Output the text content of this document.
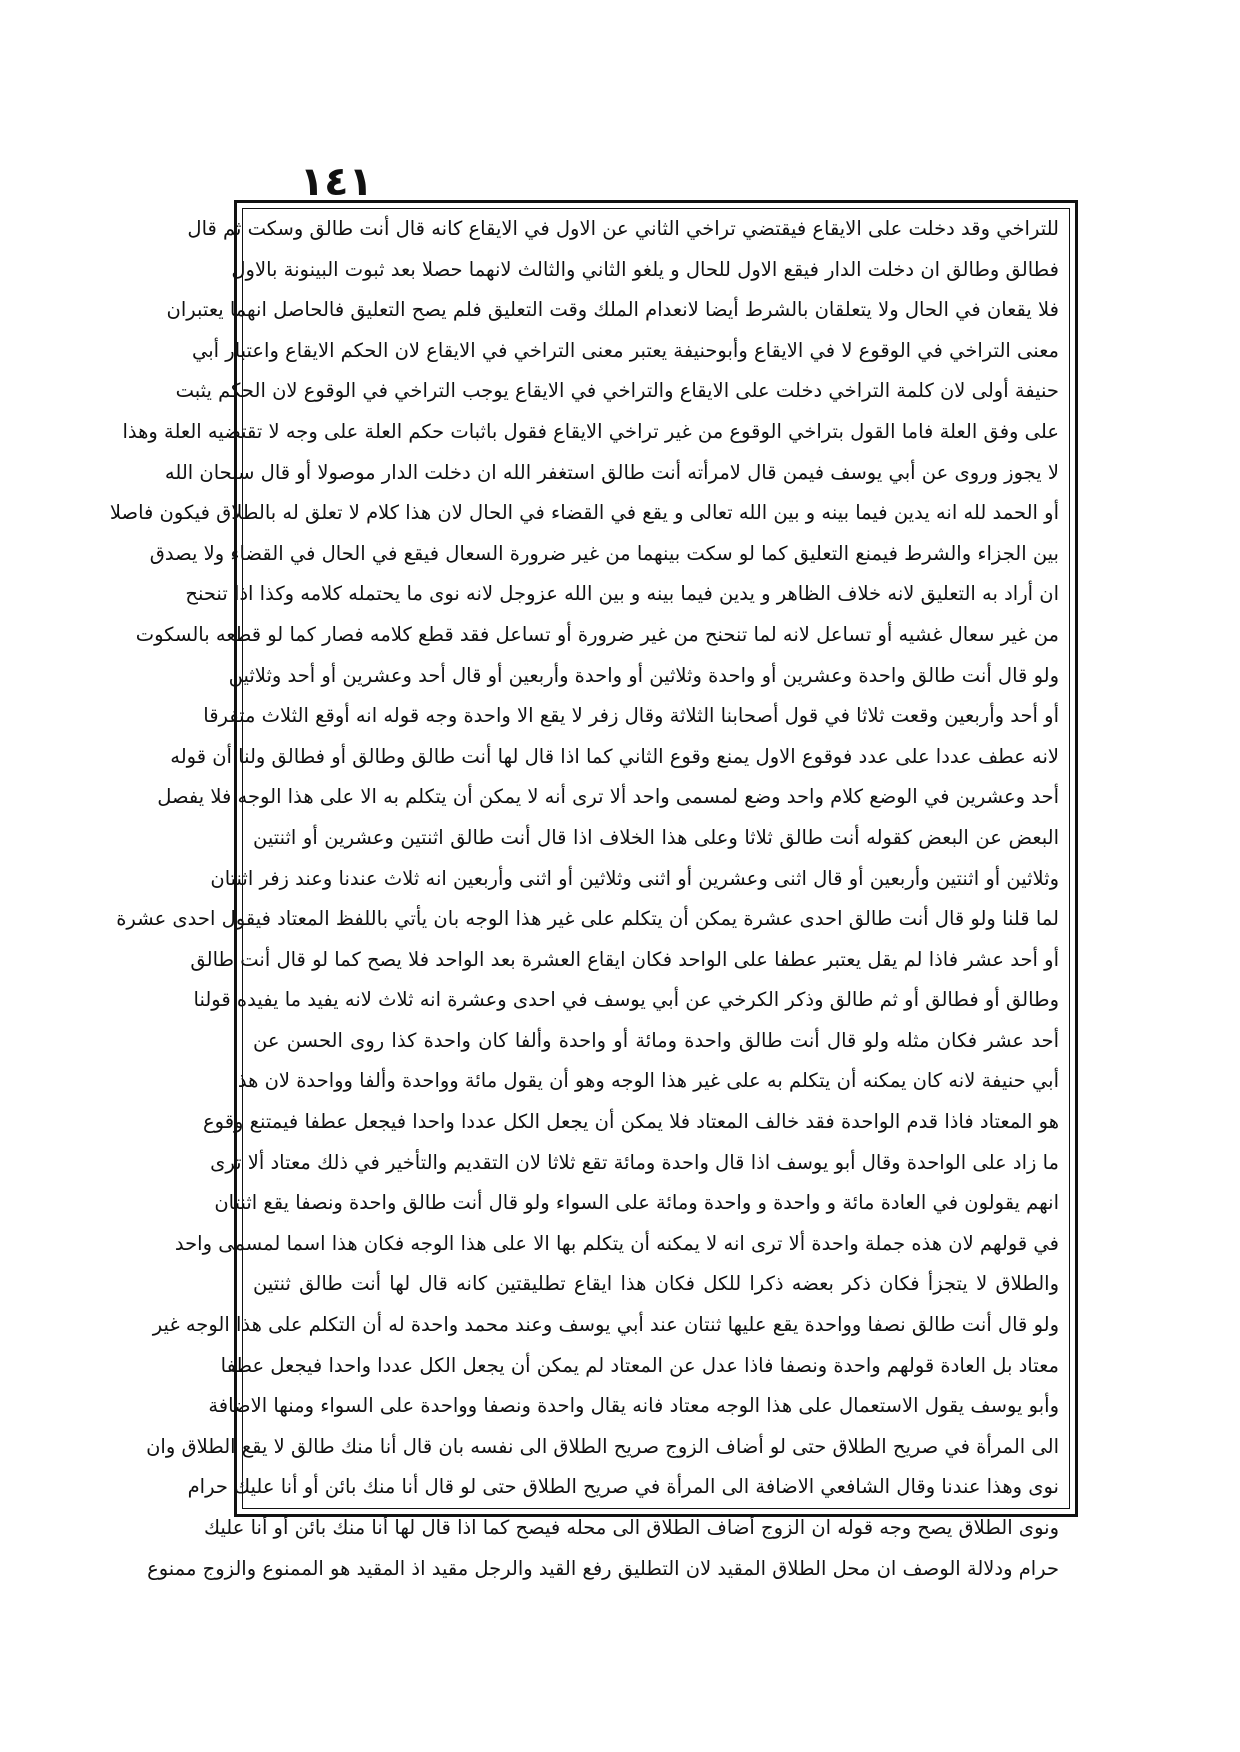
١٤١
للتراخي وقد دخلت على الايقاع فيقتضي تراخي الثاني عن الاول في الايقاع كانه قال أنت طالق وسكت ثم قال
فطالق وطالق ان دخلت الدار فيقع الاول للحال و يلغو الثاني والثالث لانهما حصلا بعد ثبوت البينونة بالاول
فلا يقعان في الحال ولا يتعلقان بالشرط أيضا لانعدام الملك وقت التعليق فلم يصح التعليق فالحاصل انهما يعتبران
معنى التراخي في الوقوع لا في الايقاع وأبوحنيفة يعتبر معنى التراخي في الايقاع لان الحكم الايقاع واعتبار أبي
حنيفة أولى لان كلمة التراخي دخلت على الايقاع والتراخي في الايقاع يوجب التراخي في الوقوع لان الحكم يثبت
على وفق العلة فاما القول بتراخي الوقوع من غير تراخي الايقاع فقول باثبات حكم العلة على وجه لا تقتضيه العلة وهذا
لا يجوز وروى عن أبي يوسف فيمن قال لامرأته أنت طالق استغفر الله ان دخلت الدار موصولا أو قال سبحان الله
أو الحمد لله انه يدين فيما بينه و بين الله تعالى و يقع في القضاء في الحال لان هذا كلام لا تعلق له بالطلاق فيكون فاصلا
بين الجزاء والشرط فيمنع التعليق كما لو سكت بينهما من غير ضرورة السعال فيقع في الحال في القضاء ولا يصدق
ان أراد به التعليق لانه خلاف الظاهر و يدين فيما بينه و بين الله عزوجل لانه نوى ما يحتمله كلامه وكذا اذا تنحنح
من غير سعال غشيه أو تساعل لانه لما تنحنح من غير ضرورة أو تساعل فقد قطع كلامه فصار كما لو قطعه بالسكوت
ولو قال أنت طالق واحدة وعشرين أو واحدة وثلاثين أو واحدة وأربعين أو قال أحد وعشرين أو أحد وثلاثين
أو أحد وأربعين وقعت ثلاثا في قول أصحابنا الثلاثة وقال زفر لا يقع الا واحدة وجه قوله انه أوقع الثلاث متفرقا
لانه عطف عددا على عدد فوقوع الاول يمنع وقوع الثاني كما اذا قال لها أنت طالق وطالق أو فطالق ولنا أن قوله
أحد وعشرين في الوضع كلام واحد وضع لمسمى واحد ألا ترى أنه لا يمكن أن يتكلم به الا على هذا الوجه فلا يفصل
البعض عن البعض كقوله أنت طالق ثلاثا وعلى هذا الخلاف اذا قال أنت طالق اثنتين وعشرين أو اثنتين
وثلاثين أو اثنتين وأربعين أو قال اثنى وعشرين أو اثنى وثلاثين أو اثنى وأربعين انه ثلاث عندنا وعند زفر اثنتان
لما قلنا ولو قال أنت طالق احدى عشرة يمكن أن يتكلم على غير هذا الوجه بان يأتي باللفظ المعتاد فيقول احدى عشرة
أو أحد عشر فاذا لم يقل يعتبر عطفا على الواحد فكان ايقاع العشرة بعد الواحد فلا يصح كما لو قال أنت طالق
وطالق أو فطالق أو ثم طالق وذكر الكرخي عن أبي يوسف في احدى وعشرة انه ثلاث لانه يفيد ما يفيده قولنا
أحد عشر فكان مثله ولو قال أنت طالق واحدة ومائة أو واحدة وألفا كان واحدة كذا روى الحسن عن
أبي حنيفة لانه كان يمكنه أن يتكلم به على غير هذا الوجه وهو أن يقول مائة وواحدة وألفا وواحدة لان هذا
هو المعتاد فاذا قدم الواحدة فقد خالف المعتاد فلا يمكن أن يجعل الكل عددا واحدا فيجعل عطفا فيمتنع وقوع
ما زاد على الواحدة وقال أبو يوسف اذا قال واحدة ومائة تقع ثلاثا لان التقديم والتأخير في ذلك معتاد ألا ترى
انهم يقولون في العادة مائة و واحدة و واحدة ومائة على السواء ولو قال أنت طالق واحدة ونصفا يقع اثنتان
في قولهم لان هذه جملة واحدة ألا ترى انه لا يمكنه أن يتكلم بها الا على هذا الوجه فكان هذا اسما لمسمى واحد
والطلاق لا يتجزأ فكان ذكر بعضه ذكرا للكل فكان هذا ايقاع تطليقتين كانه قال لها أنت طالق ثنتين
ولو قال أنت طالق نصفا وواحدة يقع عليها ثنتان عند أبي يوسف وعند محمد واحدة له أن التكلم على هذا الوجه غير
معتاد بل العادة قولهم واحدة ونصفا فاذا عدل عن المعتاد لم يمكن أن يجعل الكل عددا واحدا فيجعل عطفا
وأبو يوسف يقول الاستعمال على هذا الوجه معتاد فانه يقال واحدة ونصفا وواحدة على السواء ومنها الاضافة
الى المرأة في صريح الطلاق حتى لو أضاف الزوج صريح الطلاق الى نفسه بان قال أنا منك طالق لا يقع الطلاق وان
نوى وهذا عندنا وقال الشافعي الاضافة الى المرأة في صريح الطلاق حتى لو قال أنا منك بائن أو أنا عليك حرام
ونوى الطلاق يصح وجه قوله ان الزوج أضاف الطلاق الى محله فيصح كما اذا قال لها أنا منك بائن أو أنا عليك
حرام ودلالة الوصف ان محل الطلاق المقيد لان التطليق رفع القيد والرجل مقيد اذ المقيد هو الممنوع والزوج ممنوع
